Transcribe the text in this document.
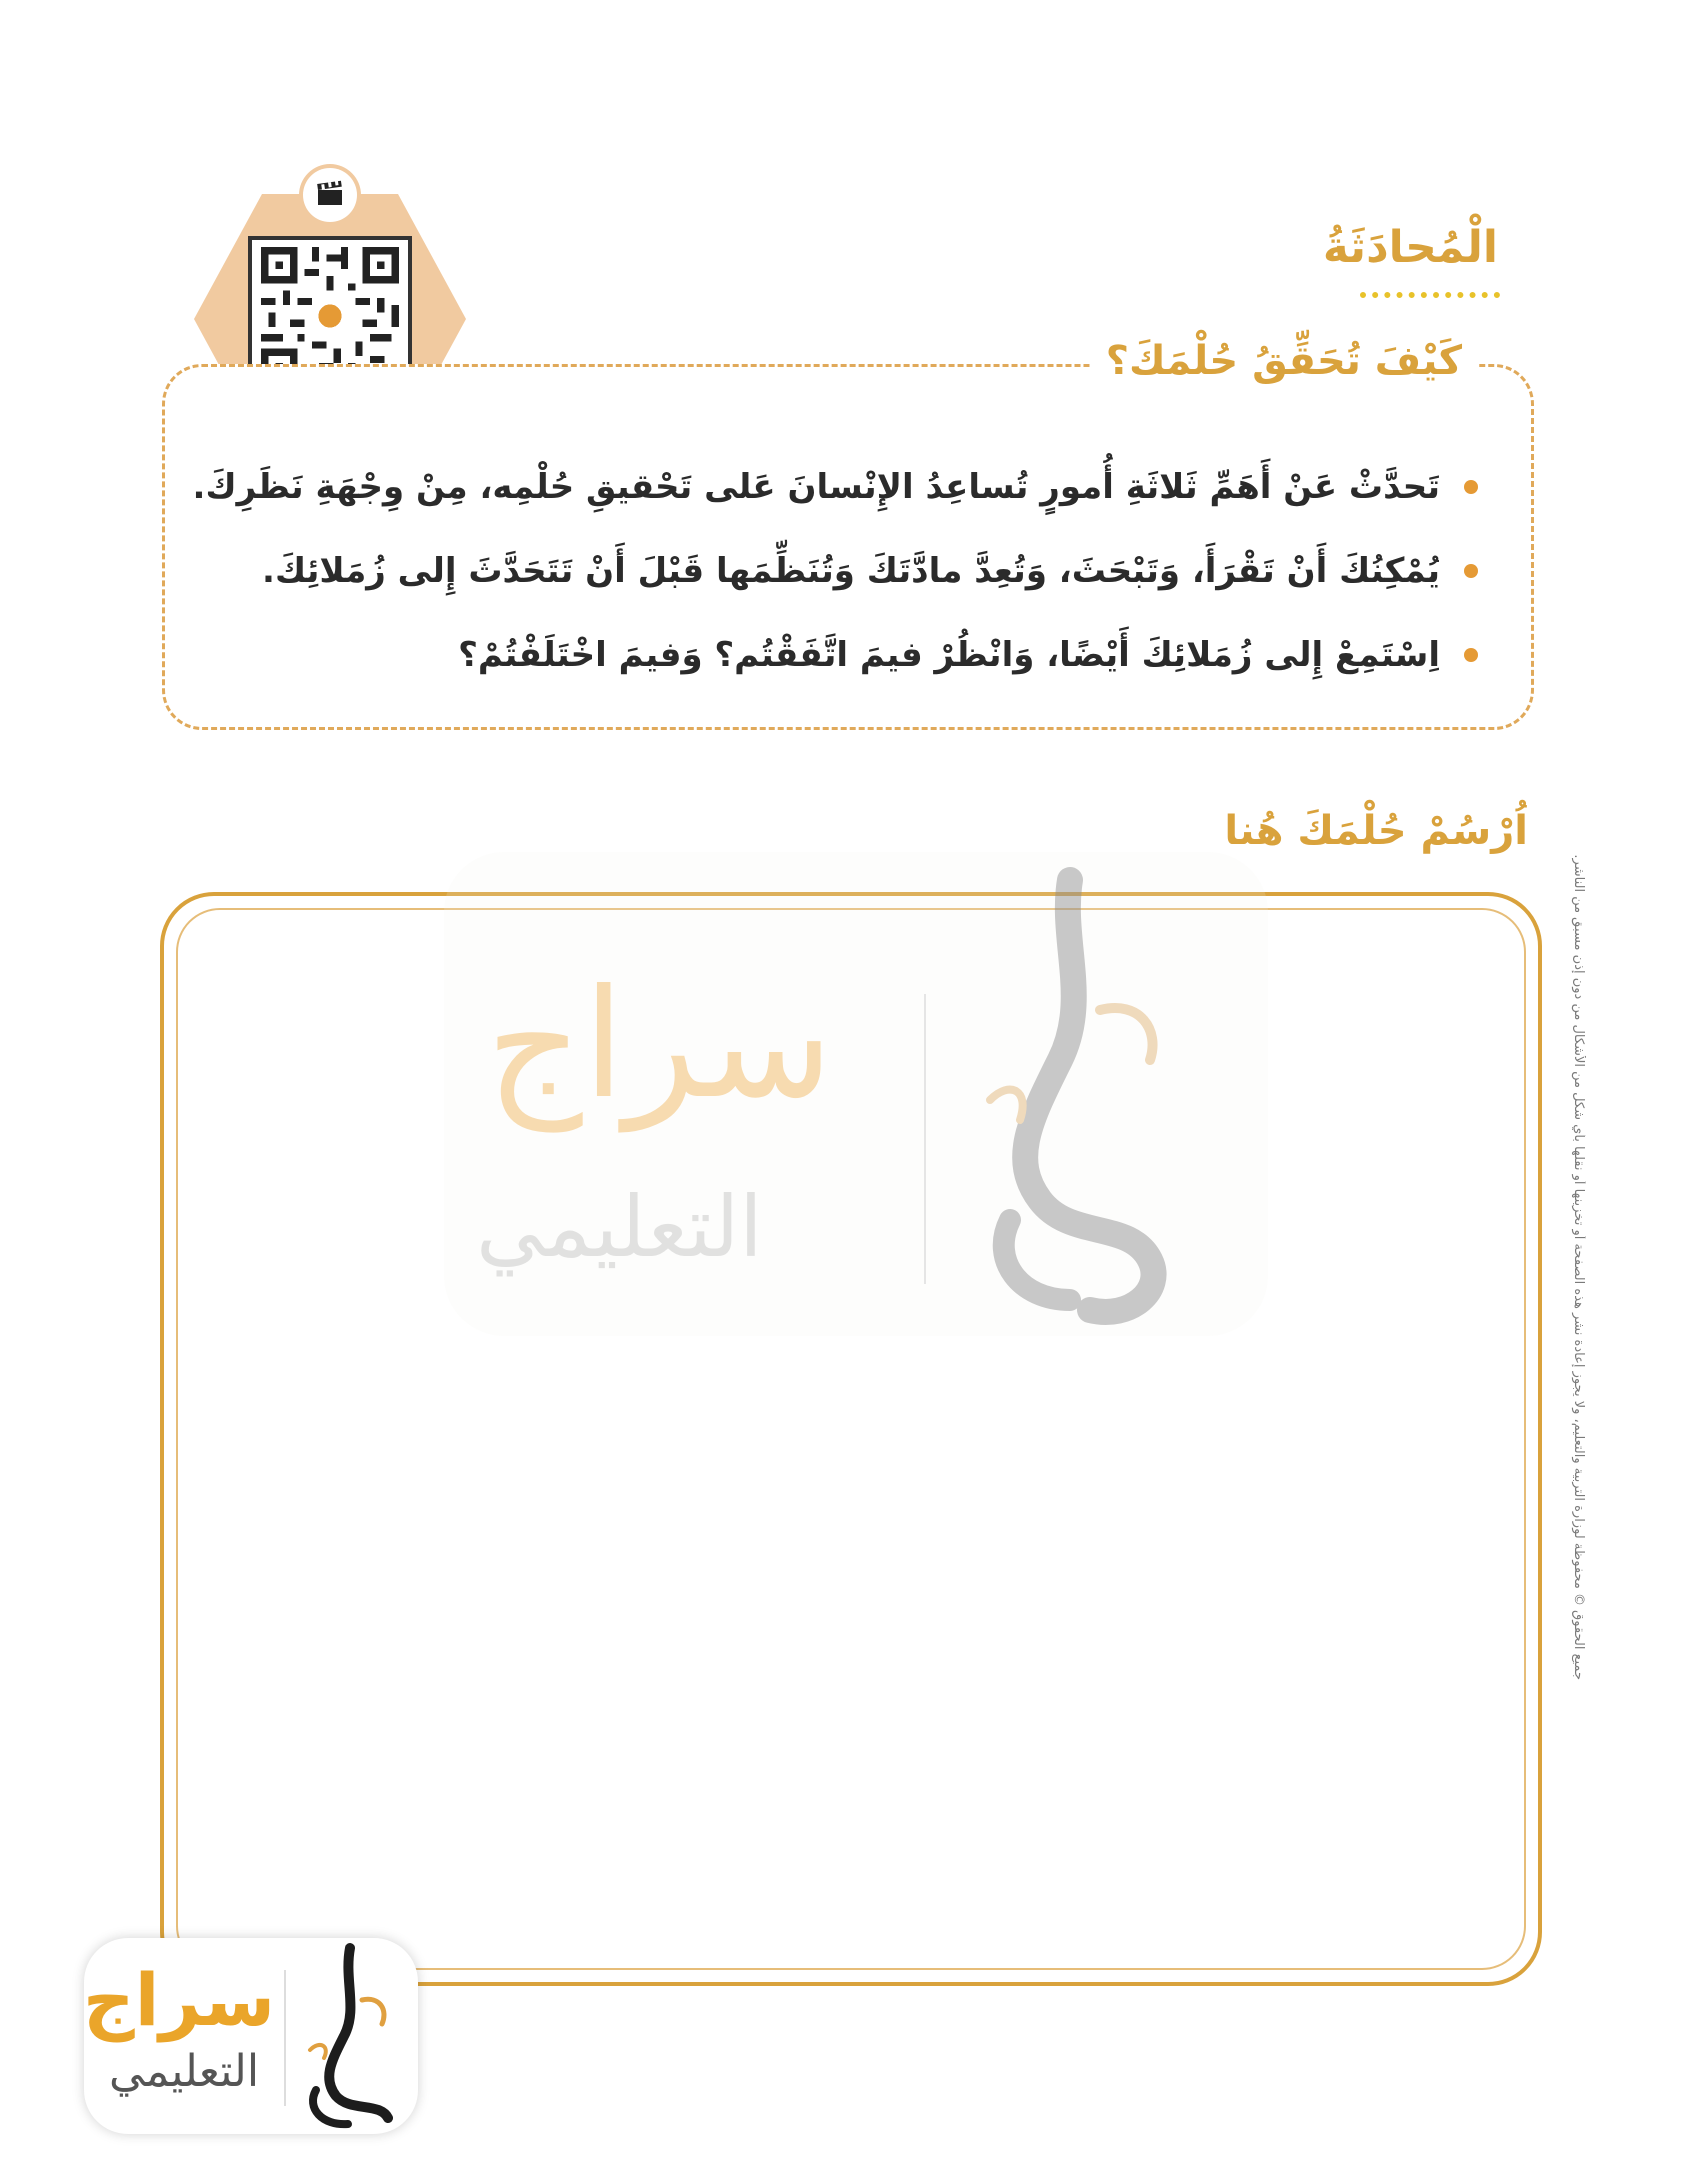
الْمُحادَثَةُ
كَيْفَ تُحَقِّقُ حُلْمَكَ؟
تَحدَّثْ عَنْ أَهَمِّ ثَلاثَةِ أُمورٍ تُساعِدُ الإِنْسانَ عَلى تَحْقيقِ حُلْمِه، مِنْ وِجْهَةِ نَظَرِكَ.
يُمْكِنُكَ أَنْ تَقْرَأَ، وَتَبْحَثَ، وَتُعِدَّ مادَّتَكَ وَتُنَظِّمَها قَبْلَ أَنْ تَتَحَدَّثَ إِلى زُمَلائِكَ.
اِسْتَمِعْ إِلى زُمَلائِكَ أَيْضًا، وَانْظُرْ فيمَ اتَّفَقْتُم؟ وَفيمَ اخْتَلَفْتُمْ؟
اُرْسُمْ حُلْمَكَ هُنا
سراج
التعليمي	جميع الحقوق © محفوظة لوزارة التربية والتعليم، ولا يجوز إعادة نشر هذه الصفحة أو تخزينها أو نقلها بأي شكل من الأشكال من دون إذن مسبق من الناشر.
سراج
التعليمي
